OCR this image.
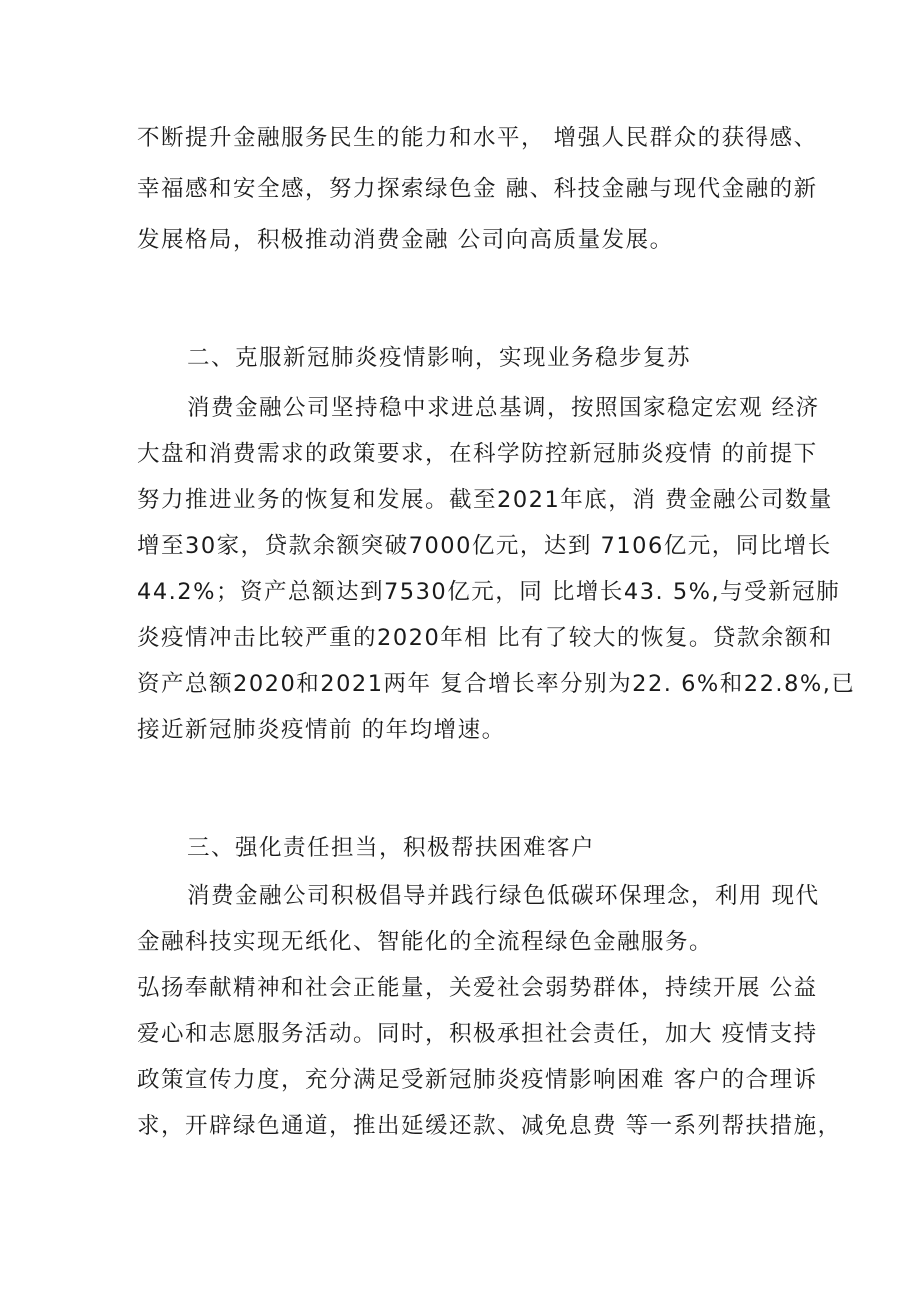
不断提升金融服务民生的能力和水平， 增强人民群众的获得感、
幸福感和安全感，努力探索绿色金 融、科技金融与现代金融的新
发展格局，积极推动消费金融 公司向高质量发展。
二、克服新冠肺炎疫情影响，实现业务稳步复苏
消费金融公司坚持稳中求进总基调，按照国家稳定宏观 经济
大盘和消费需求的政策要求，在科学防控新冠肺炎疫情 的前提下
努力推进业务的恢复和发展。截至2021年底，消 费金融公司数量
增至30家，贷款余额突破7000亿元，达到 7106亿元，同比增长
44.2%；资产总额达到7530亿元，同 比增长43. 5%,与受新冠肺
炎疫情冲击比较严重的2020年相 比有了较大的恢复。贷款余额和
资产总额2020和2021两年 复合增长率分别为22. 6%和22.8%,已
接近新冠肺炎疫情前 的年均增速。
三、强化责任担当，积极帮扶困难客户
消费金融公司积极倡导并践行绿色低碳环保理念，利用 现代
金融科技实现无纸化、智能化的全流程绿色金融服务。
弘扬奉献精神和社会正能量，关爱社会弱势群体，持续开展 公益
爱心和志愿服务活动。同时，积极承担社会责任，加大 疫情支持
政策宣传力度，充分满足受新冠肺炎疫情影响困难 客户的合理诉
求，开辟绿色通道，推出延缓还款、减免息费 等一系列帮扶措施，
